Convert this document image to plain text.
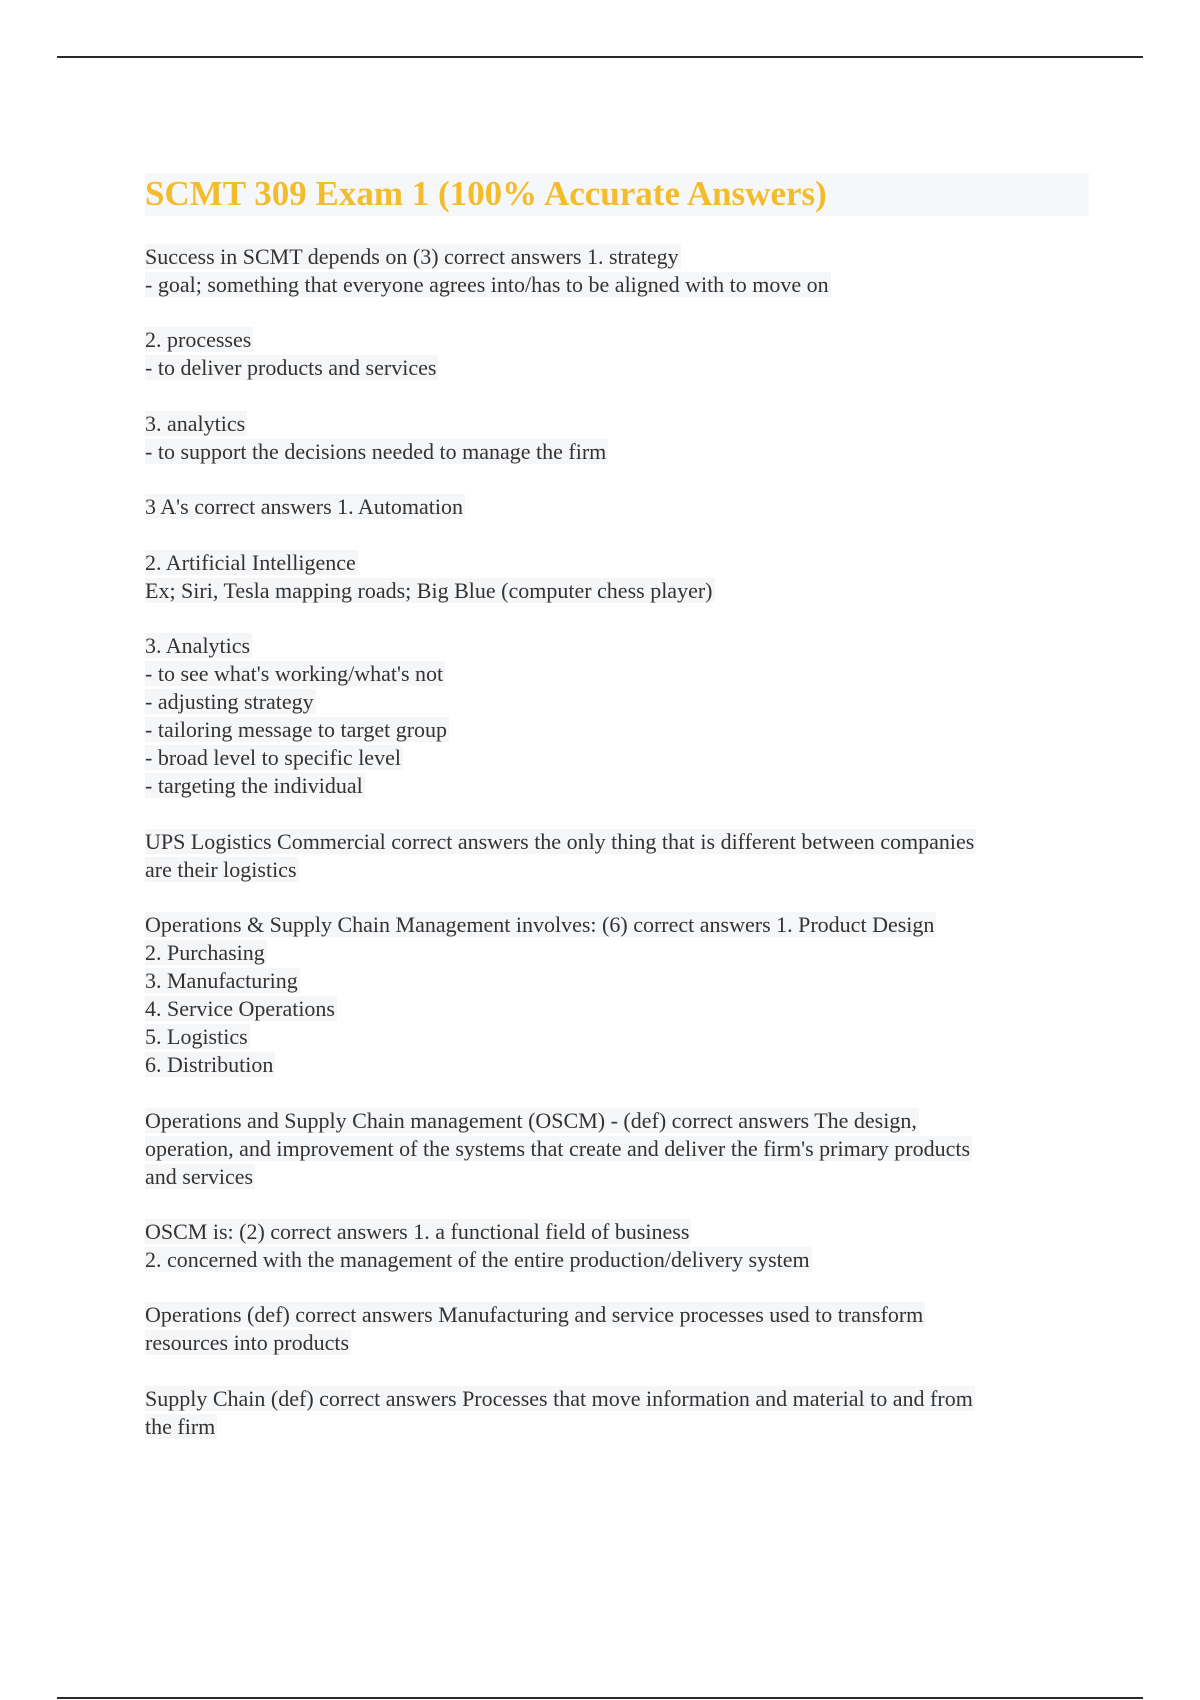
SCMT 309 Exam 1 (100% Accurate Answers)
Success in SCMT depends on (3) correct answers 1. strategy
- goal; something that everyone agrees into/has to be aligned with to move on
2. processes
- to deliver products and services
3. analytics
- to support the decisions needed to manage the firm
3 A's correct answers 1. Automation
2. Artificial Intelligence
Ex; Siri, Tesla mapping roads; Big Blue (computer chess player)
3. Analytics
- to see what's working/what's not
- adjusting strategy
- tailoring message to target group
- broad level to specific level
- targeting the individual
UPS Logistics Commercial correct answers the only thing that is different between companies
are their logistics
Operations & Supply Chain Management involves: (6) correct answers 1. Product Design
2. Purchasing
3. Manufacturing
4. Service Operations
5. Logistics
6. Distribution
Operations and Supply Chain management (OSCM) - (def) correct answers The design,
operation, and improvement of the systems that create and deliver the firm's primary products
and services
OSCM is: (2) correct answers 1. a functional field of business
2. concerned with the management of the entire production/delivery system
Operations (def) correct answers Manufacturing and service processes used to transform
resources into products
Supply Chain (def) correct answers Processes that move information and material to and from
the firm
